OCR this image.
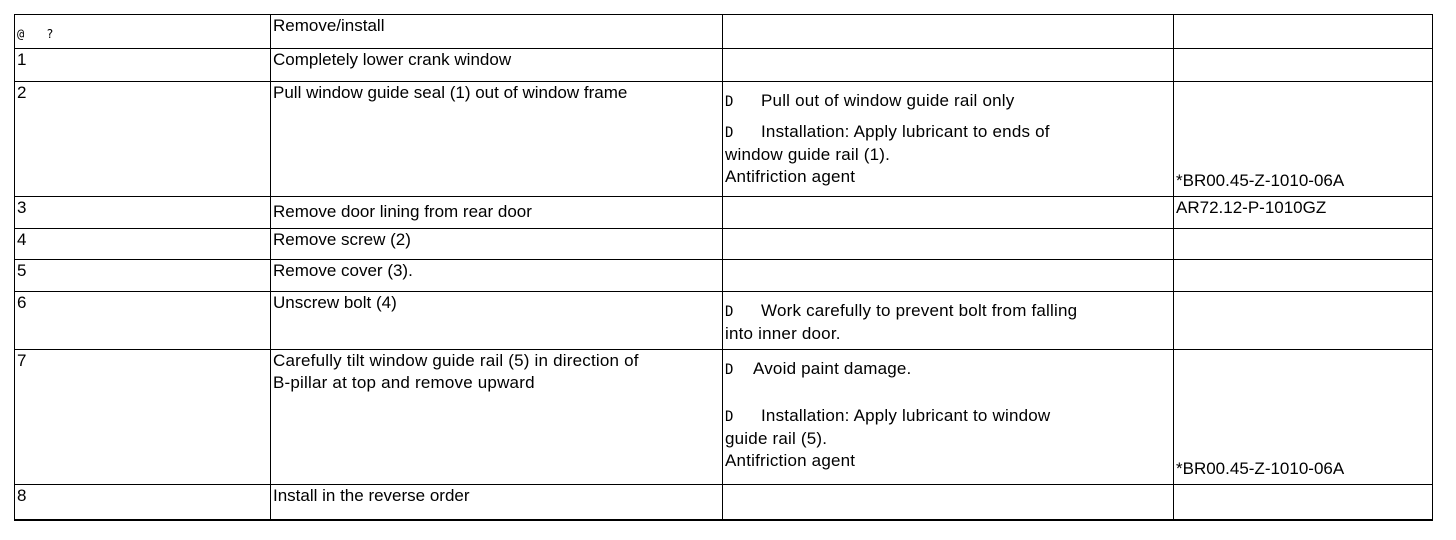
@ ?	Remove/install		
1	Completely lower crank window		
2	Pull window guide seal (1) out of window frame	D Pull out of window guide rail only
D Installation: Apply lubricant to ends of
window guide rail (1).
Antifriction agent	*BR00.45-Z-1010-06A

3	Remove door lining from rear door		AR72.12-P-1010GZ
4	Remove screw (2)		
5	Remove cover (3).		
6	Unscrew bolt (4)	D Work carefully to prevent bolt from falling
into inner door.	

7	Carefully tilt window guide rail (5) in direction of
B-pillar at top and remove upward	D Avoid paint damage.
D Installation: Apply lubricant to window
guide rail (5).
Antifriction agent	*BR00.45-Z-1010-06A

8	Install in the reverse order		
